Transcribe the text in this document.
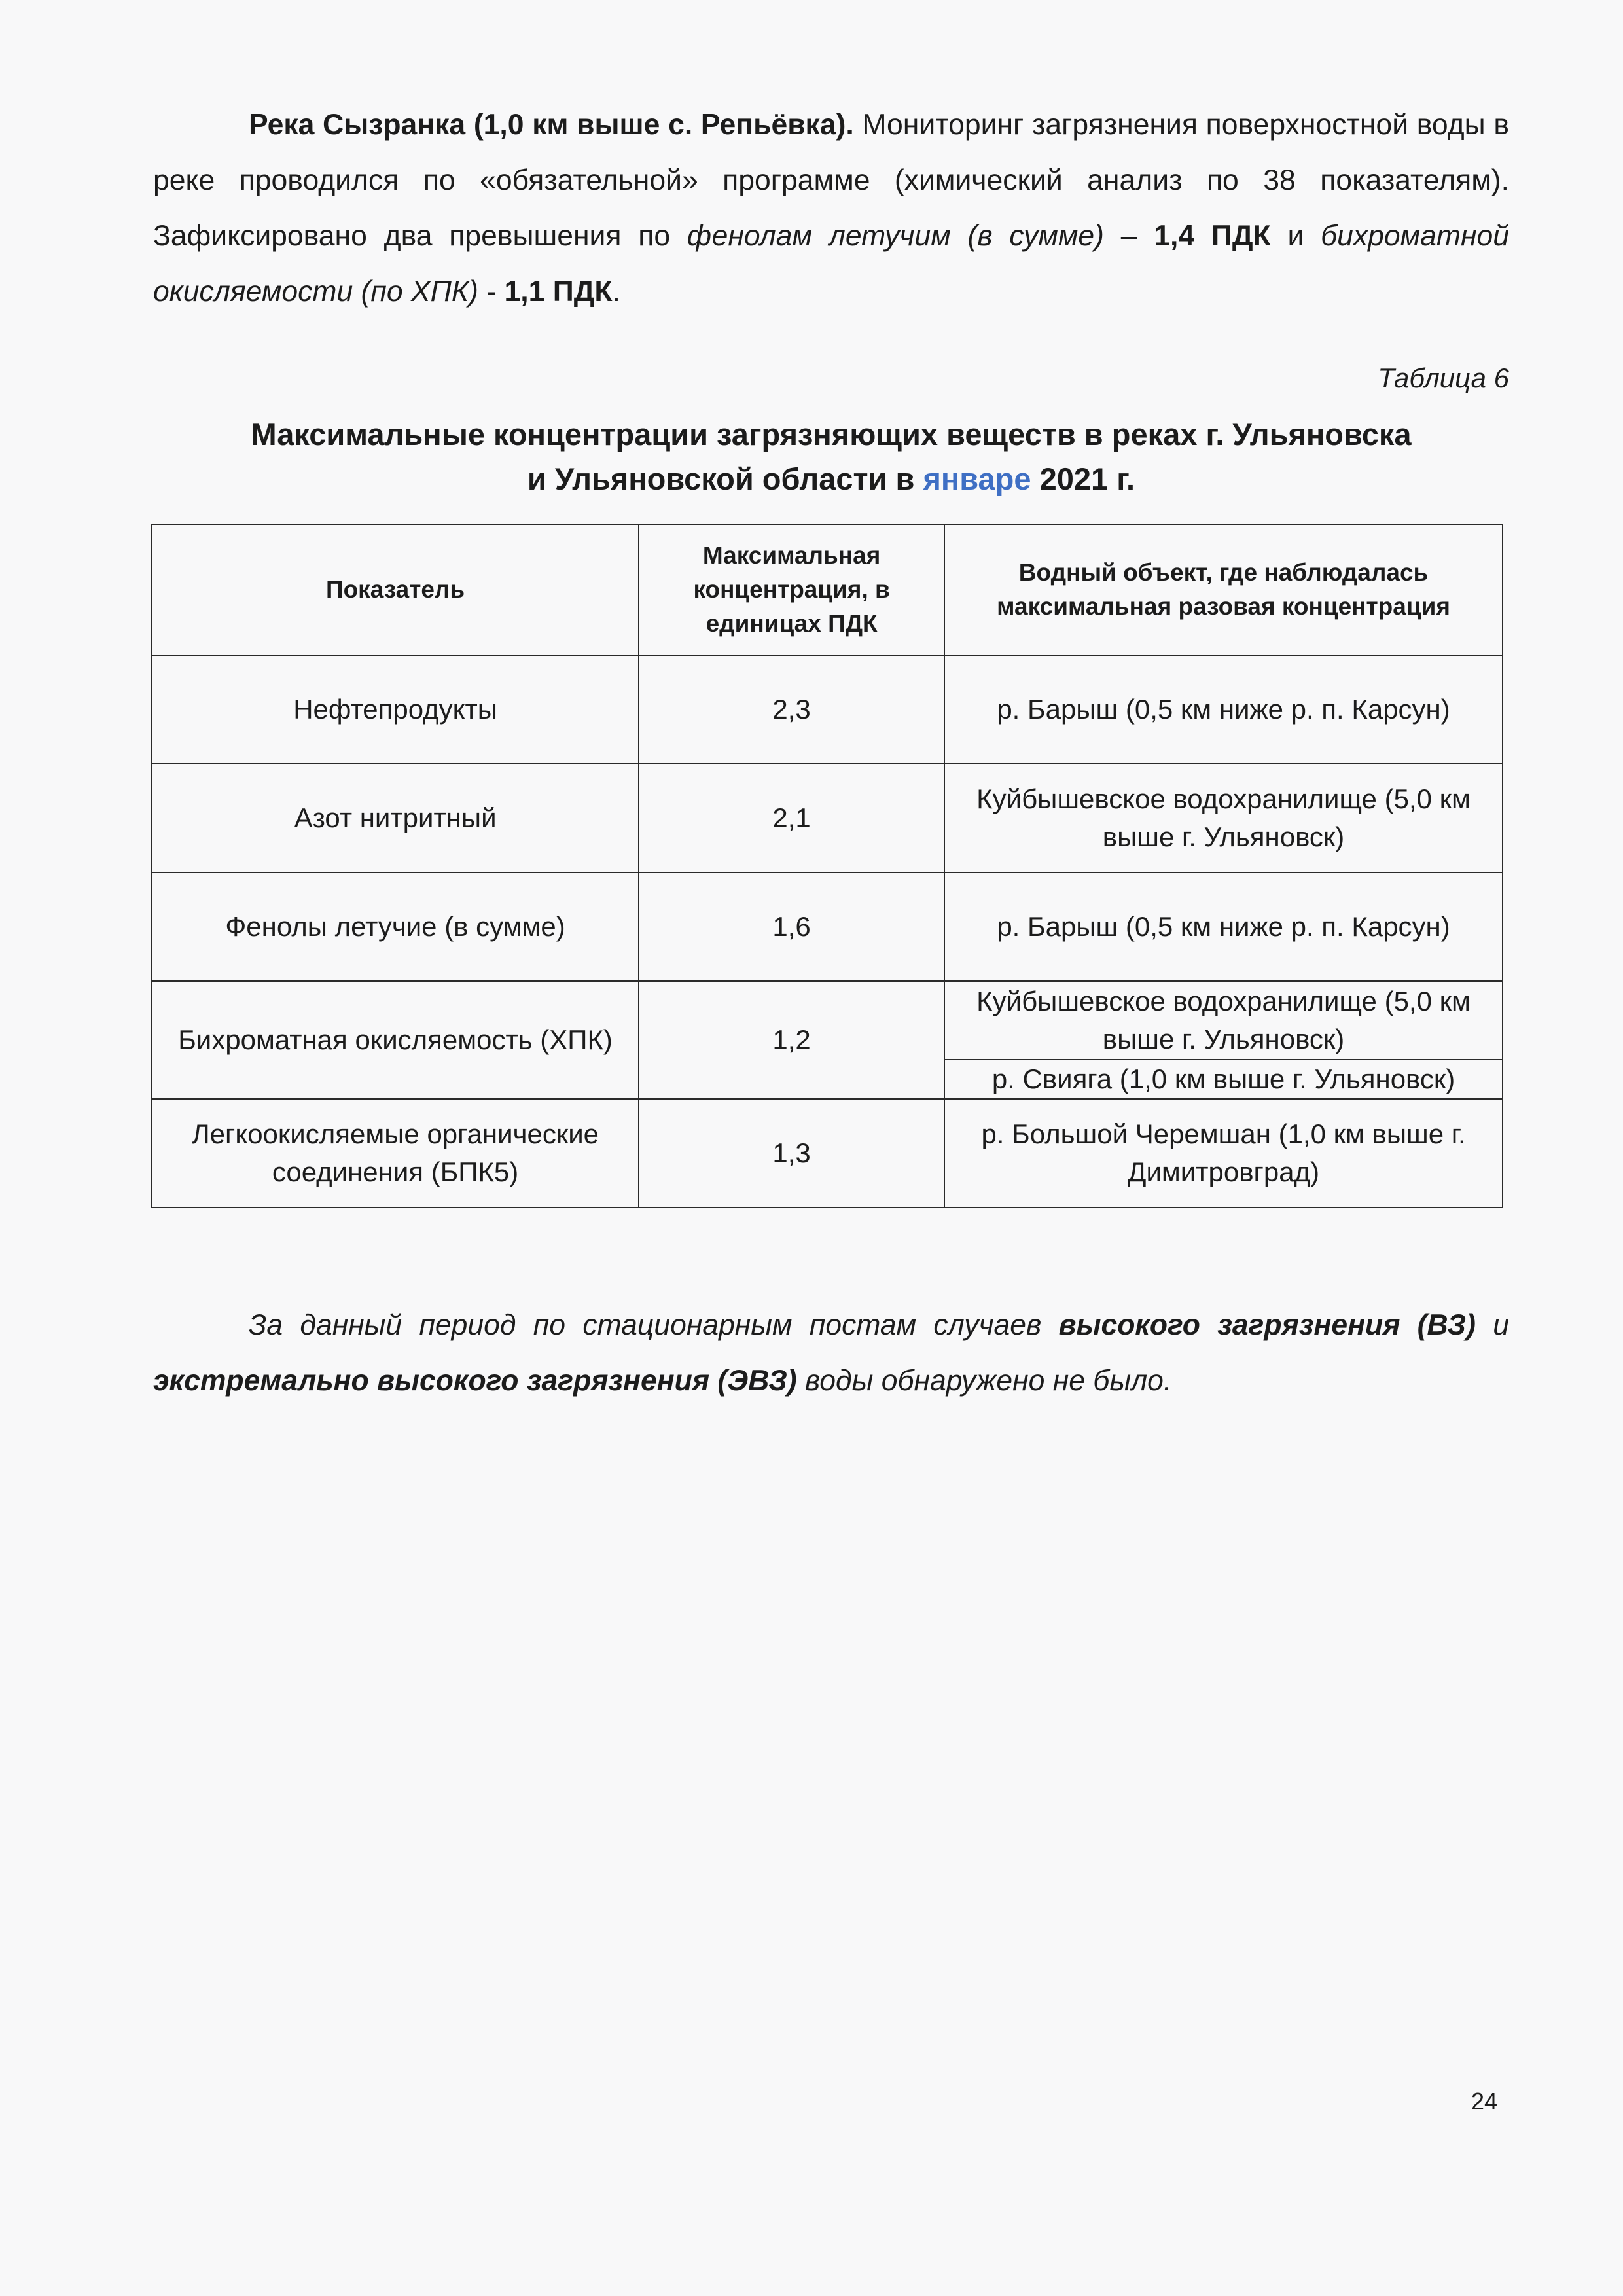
Река Сызранка (1,0 км выше с. Репьёвка). Мониторинг загрязнения поверхностной воды в реке проводился по «обязательной» программе (химический анализ по 38 показателям). Зафиксировано два превышения по фенолам летучим (в сумме) – 1,4 ПДК и бихроматной окисляемости (по ХПК) - 1,1 ПДК.

Таблица 6

Максимальные концентрации загрязняющих веществ в реках г. Ульяновска
и Ульяновской области в январе 2021 г.

Показатель	Максимальная концентрация, в единицах ПДК	Водный объект, где наблюдалась максимальная разовая концентрация
Нефтепродукты	2,3	р. Барыш (0,5 км ниже р. п. Карсун)
Азот нитритный	2,1	Куйбышевское водохранилище (5,0 км выше г. Ульяновск)
Фенолы летучие (в сумме)	1,6	р. Барыш (0,5 км ниже р. п. Карсун)
Бихроматная окисляемость (ХПК)	1,2	Куйбышевское водохранилище (5,0 км выше г. Ульяновск)
		р. Свияга (1,0 км выше г. Ульяновск)
Легкоокисляемые органические соединения (БПК5)	1,3	р. Большой Черемшан (1,0 км выше г. Димитровград)

За данный период по стационарным постам случаев высокого загрязнения (ВЗ) и экстремально высокого загрязнения (ЭВЗ) воды обнаружено не было.

24
